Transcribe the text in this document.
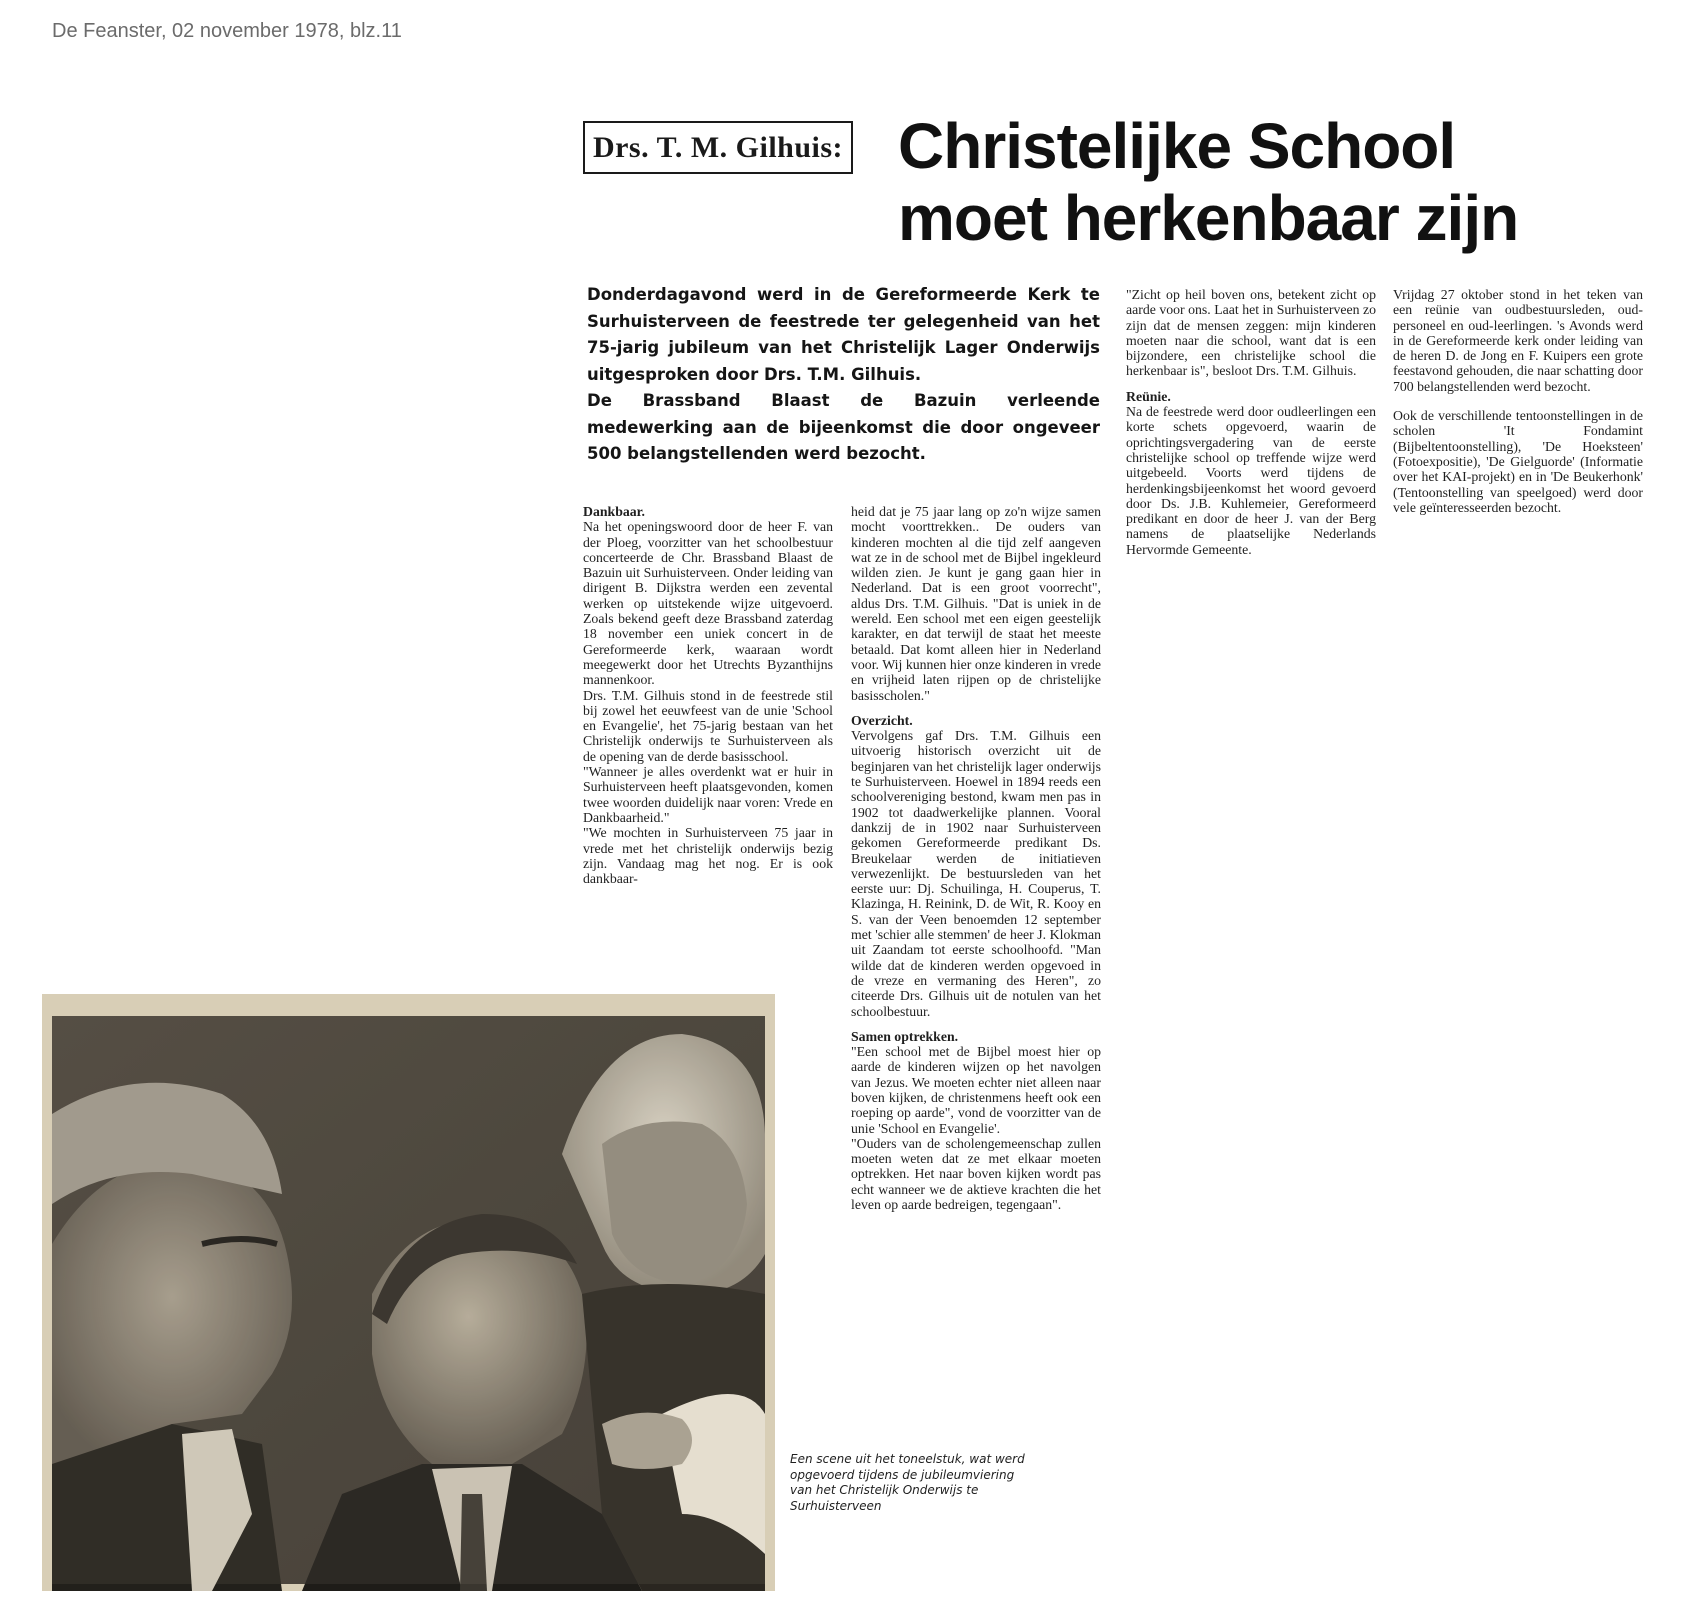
De Feanster, 02 november 1978, blz.11
Drs. T. M. Gilhuis: Christelijke School
moet herkenbaar zijn

Donderdagavond werd in de Gereformeerde Kerk te Surhuisterveen de feestrede ter gelegenheid van het 75-jarig jubileum van het Christelijk Lager Onderwijs uitgesproken door Drs. T.M. Gilhuis.

De Brassband Blaast de Bazuin verleende medewerking aan de bijeenkomst die door ongeveer 500 belangstellenden werd bezocht.

Dankbaar.

Na het openingswoord door de heer F. van der Ploeg, voorzitter van het schoolbestuur concerteerde de Chr. Brassband Blaast de Bazuin uit Surhuisterveen. Onder leiding van dirigent B. Dijkstra werden een zevental werken op uitstekende wijze uitgevoerd. Zoals bekend geeft deze Brassband zaterdag 18 november een uniek concert in de Gereformeerde kerk, waaraan wordt meegewerkt door het Utrechts Byzanthijns mannenkoor.

Drs. T.M. Gilhuis stond in de feestrede stil bij zowel het eeuwfeest van de unie 'School en Evangelie', het 75-jarig bestaan van het Christelijk onderwijs te Surhuisterveen als de opening van de derde basisschool.

"Wanneer je alles overdenkt wat er huir in Surhuisterveen heeft plaatsgevonden, komen twee woorden duidelijk naar voren: Vrede en Dankbaarheid."

"We mochten in Surhuisterveen 75 jaar in vrede met het christelijk onderwijs bezig zijn. Vandaag mag het nog. Er is ook dankbaar-

heid dat je 75 jaar lang op zo'n wijze samen mocht voorttrekken.. De ouders van kinderen mochten al die tijd zelf aangeven wat ze in de school met de Bijbel ingekleurd wilden zien. Je kunt je gang gaan hier in Nederland. Dat is een groot voorrecht", aldus Drs. T.M. Gilhuis. "Dat is uniek in de wereld. Een school met een eigen geestelijk karakter, en dat terwijl de staat het meeste betaald. Dat komt alleen hier in Nederland voor. Wij kunnen hier onze kinderen in vrede en vrijheid laten rijpen op de christelijke basisscholen."

Overzicht.

Vervolgens gaf Drs. T.M. Gilhuis een uitvoerig historisch overzicht uit de beginjaren van het christelijk lager onderwijs te Surhuisterveen. Hoewel in 1894 reeds een schoolvereniging bestond, kwam men pas in 1902 tot daadwerkelijke plannen. Vooral dankzij de in 1902 naar Surhuisterveen gekomen Gereformeerde predikant Ds. Breukelaar werden de initiatieven verwezenlijkt. De bestuursleden van het eerste uur: Dj. Schuilinga, H. Couperus, T. Klazinga, H. Reinink, D. de Wit, R. Kooy en S. van der Veen benoemden 12 september met 'schier alle stemmen' de heer J. Klokman uit Zaandam tot eerste schoolhoofd. "Man wilde dat de kinderen werden opgevoed in de vreze en vermaning des Heren", zo citeerde Drs. Gilhuis uit de notulen van het schoolbestuur.

Samen optrekken.

"Een school met de Bijbel moest hier op aarde de kinderen wijzen op het navolgen van Jezus. We moeten echter niet alleen naar boven kijken, de christenmens heeft ook een roeping op aarde", vond de voorzitter van de unie 'School en Evangelie'.

"Ouders van de scholengemeenschap zullen moeten weten dat ze met elkaar moeten optrekken. Het naar boven kijken wordt pas echt wanneer we de aktieve krachten die het leven op aarde bedreigen, tegengaan".

"Zicht op heil boven ons, betekent zicht op aarde voor ons. Laat het in Surhuisterveen zo zijn dat de mensen zeggen: mijn kinderen moeten naar die school, want dat is een bijzondere, een christelijke school die herkenbaar is", besloot Drs. T.M. Gilhuis.

Reünie.

Na de feestrede werd door oudleerlingen een korte schets opgevoerd, waarin de oprichtingsvergadering van de eerste christelijke school op treffende wijze werd uitgebeeld. Voorts werd tijdens de herdenkingsbijeenkomst het woord gevoerd door Ds. J.B. Kuhlemeier, Gereformeerd predikant en door de heer J. van der Berg namens de plaatselijke Nederlands Hervormde Gemeente.

Vrijdag 27 oktober stond in het teken van een reünie van oudbestuursleden, oud-personeel en oud-leerlingen. 's Avonds werd in de Gereformeerde kerk onder leiding van de heren D. de Jong en F. Kuipers een grote feestavond gehouden, die naar schatting door 700 belangstellenden werd bezocht.

Ook de verschillende tentoonstellingen in de scholen 'It Fondamint (Bijbeltentoonstelling), 'De Hoeksteen' (Fotoexpositie), 'De Gielguorde' (Informatie over het KAI-projekt) en in 'De Beukerhonk' (Tentoonstelling van speelgoed) werd door vele geïnteresseerden bezocht.

Een scene uit het toneelstuk, wat werd opgevoerd tijdens de jubileumviering van het Christelijk Onderwijs te Surhuisterveen
